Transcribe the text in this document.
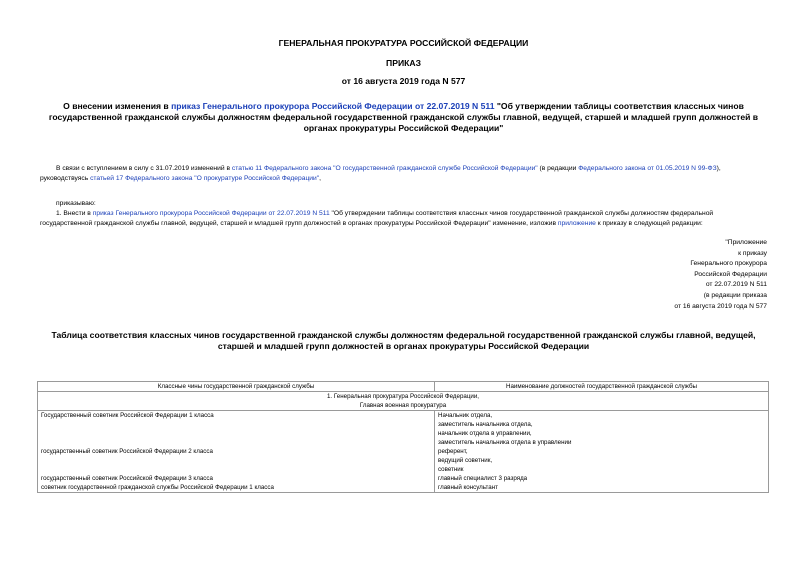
ГЕНЕРАЛЬНАЯ ПРОКУРАТУРА РОССИЙСКОЙ ФЕДЕРАЦИИ
ПРИКАЗ
от 16 августа 2019 года N 577
О внесении изменения в приказ Генерального прокурора Российской Федерации от 22.07.2019 N 511 "Об утверждении таблицы соответствия классных чинов
государственной гражданской службы должностям федеральной государственной гражданской службы главной, ведущей, старшей и младшей групп должностей в
органах прокуратуры Российской Федерации"
В связи с вступлением в силу с 31.07.2019 изменений в статью 11 Федерального закона "О государственной гражданской службе Российской Федерации" (в редакции Федерального закона от 01.05.2019 N 99-ФЗ),
руководствуясь статьей 17 Федерального закона "О прокуратуре Российской Федерации",
приказываю:
1. Внести в приказ Генерального прокурора Российской Федерации от 22.07.2019 N 511 "Об утверждении таблицы соответствия классных чинов государственной гражданской службы должностям федеральной
государственной гражданской службы главной, ведущей, старшей и младшей групп должностей в органах прокуратуры Российской Федерации" изменение, изложив приложение к приказу в следующей редакции:
"Приложение
к приказу
Генерального прокурора
Российской Федерации
от 22.07.2019 N 511
(в редакции приказа
от 16 августа 2019 года N 577
Таблица соответствия классных чинов государственной гражданской службы должностям федеральной государственной гражданской службы главной, ведущей,
старшей и младшей групп должностей в органах прокуратуры Российской Федерации
Классные чины государственной гражданской службы	Наименование должностей государственной гражданской службы

1. Генеральная прокуратура Российской Федерации,
Главная военная прокуратура	

Государственный советник Российской Федерации 1 класса	Начальник отдела,
заместитель начальника отдела,
начальник отдела в управлении,
заместитель начальника отдела в управлении

государственный советник Российской Федерации 2 класса	референт,
ведущий советник,
советник

государственный советник Российской Федерации 3 класса	главный специалист 3 разряда

советник государственной гражданской службы Российской Федерации 1 класса	главный консультант
